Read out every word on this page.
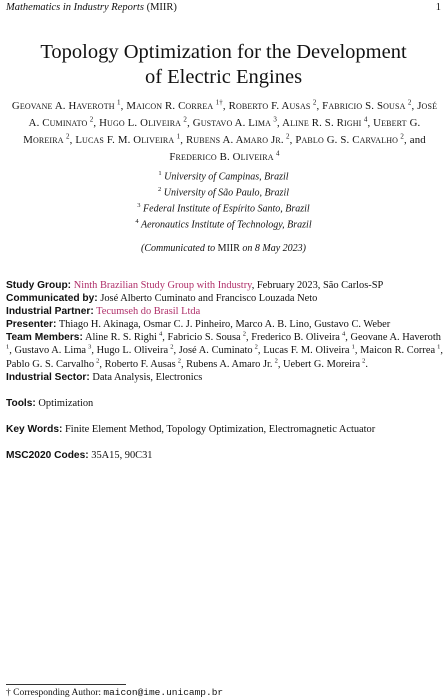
Mathematics in Industry Reports (MIIR)	1
Topology Optimization for the Development
of Electric Engines
Geovane A. Haveroth  $^1$, Maicon R. Correa  $^{1\dagger}$, Roberto F. Ausas  $^2$, Fabricio S. Sousa  $^2$, José A. Cuminato  $^2$, Hugo L. Oliveira  $^2$, Gustavo A. Lima  $^3$, Aline R. S. Righi  $^4$, Uebert G. Moreira  $^2$, Lucas F. M. Oliveira  $^1$, Rubens A. Amaro Jr.  $^2$, Pablo G. S. Carvalho  $^2$, and Frederico B. Oliveira  $^4$
$^1$ University of Campinas, Brazil
$^2$ University of São Paulo, Brazil
$^3$ Federal Institute of Espírito Santo, Brazil
$^4$ Aeronautics Institute of Technology, Brazil
(Communicated to MIIR on 8 May 2023)

Study Group: Ninth Brazilian Study Group with Industry, February 2023, São Carlos-SP

Communicated by: José Alberto Cuminato and Francisco Louzada Neto

Industrial Partner: Tecumseh do Brasil Ltda

Presenter: Thiago H. Akinaga, Osmar C. J. Pinheiro, Marco A. B. Lino, Gustavo C. Weber

Team Members: Aline R. S. Righi  $^4$, Fabricio S. Sousa  $^2$, Frederico B. Oliveira  $^4$, Geovane A. Haveroth $^1$, Gustavo A. Lima  $^3$, Hugo L. Oliveira  $^2$, José A. Cuminato  $^2$, Lucas F. M. Oliveira  $^1$, Maicon R. Correa  $^1$, Pablo G. S. Carvalho  $^2$, Roberto F. Ausas  $^2$, Rubens A. Amaro Jr.  $^2$, Uebert G. Moreira  $^2$.

Industrial Sector: Data Analysis, Electronics

Tools: Optimization

Key Words: Finite Element Method, Topology Optimization, Electromagnetic Actuator

MSC2020 Codes: 35A15, 90C31

† Corresponding Author: maicon@ime.unicamp.br
